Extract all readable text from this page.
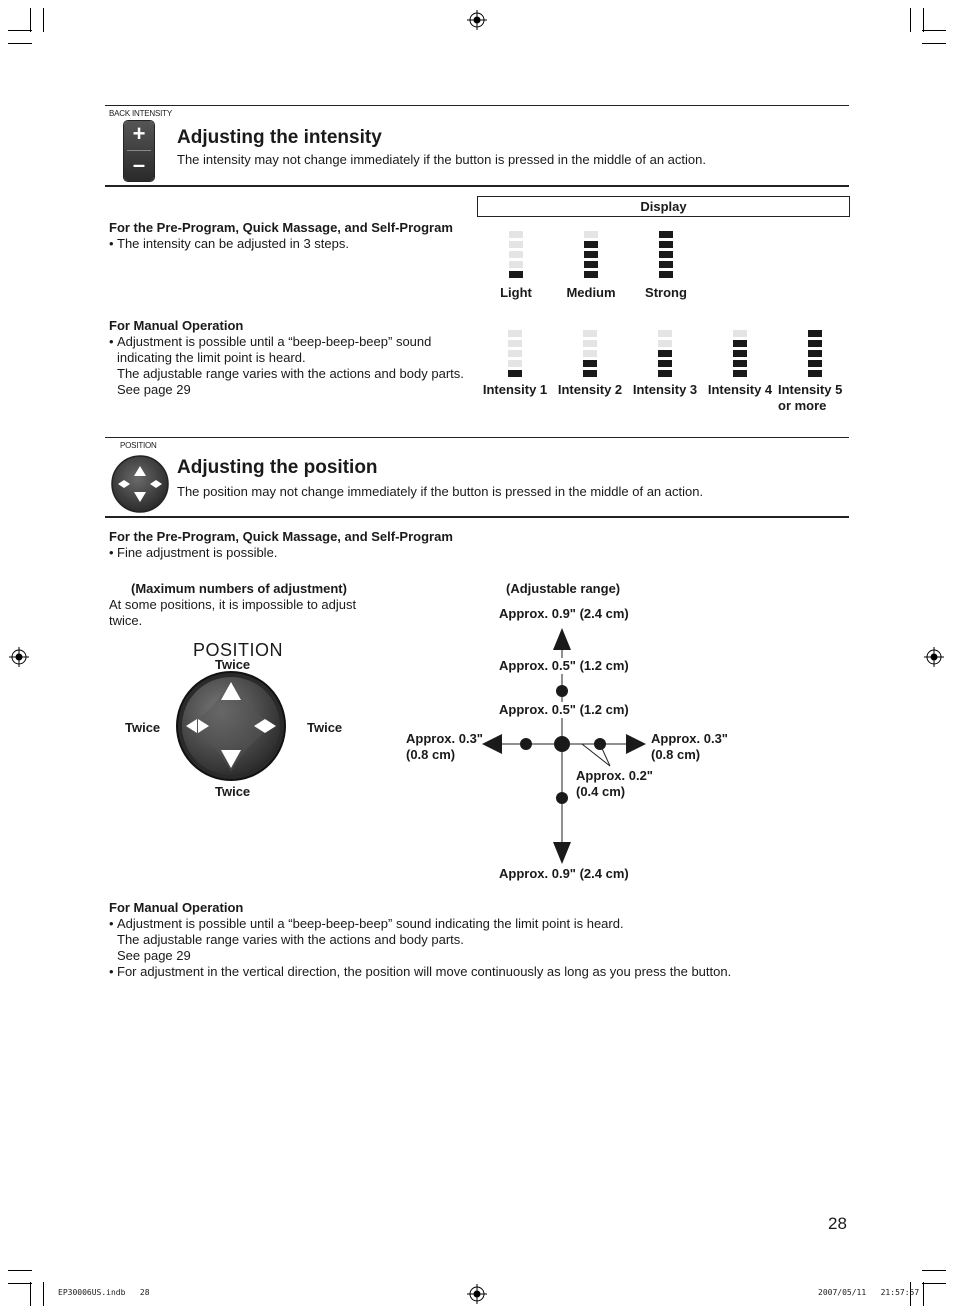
BACK INTENSITY
+
–
Adjusting the intensity
The intensity may not change immediately if the button is pressed in the middle of an action.
Display
For the Pre-Program, Quick Massage, and Self-Program
• The intensity can be adjusted in 3 steps.
Light	Medium	Strong
For Manual Operation
• Adjustment is possible until a “beep-beep-beep” sound
indicating the limit point is heard.
The adjustable range varies with the actions and body parts.
See page 29	Intensity 1 Intensity 2 Intensity 3 Intensity 4 Intensity 5
or more
POSITION
Adjusting the position
The position may not change immediately if the button is pressed in the middle of an action.
For the Pre-Program, Quick Massage, and Self-Program
• Fine adjustment is possible.
(Maximum numbers of adjustment)
At some positions, it is impossible to adjust
twice.
POSITION
Twice
Twice	Twice
Twice
(Adjustable range)
Approx. 0.9" (2.4 cm)
Approx. 0.5" (1.2 cm)
Approx. 0.5" (1.2 cm)
Approx. 0.3"
(0.8 cm)
Approx. 0.3"
(0.8 cm)
Approx. 0.2"
(0.4 cm)
Approx. 0.9" (2.4 cm)
For Manual Operation
• Adjustment is possible until a “beep-beep-beep” sound indicating the limit point is heard.
The adjustable range varies with the actions and body parts.
See page 29
• For adjustment in the vertical direction, the position will move continuously as long as you press the button.
28
EP30006US.indb   28	2007/05/11   21:57:57
